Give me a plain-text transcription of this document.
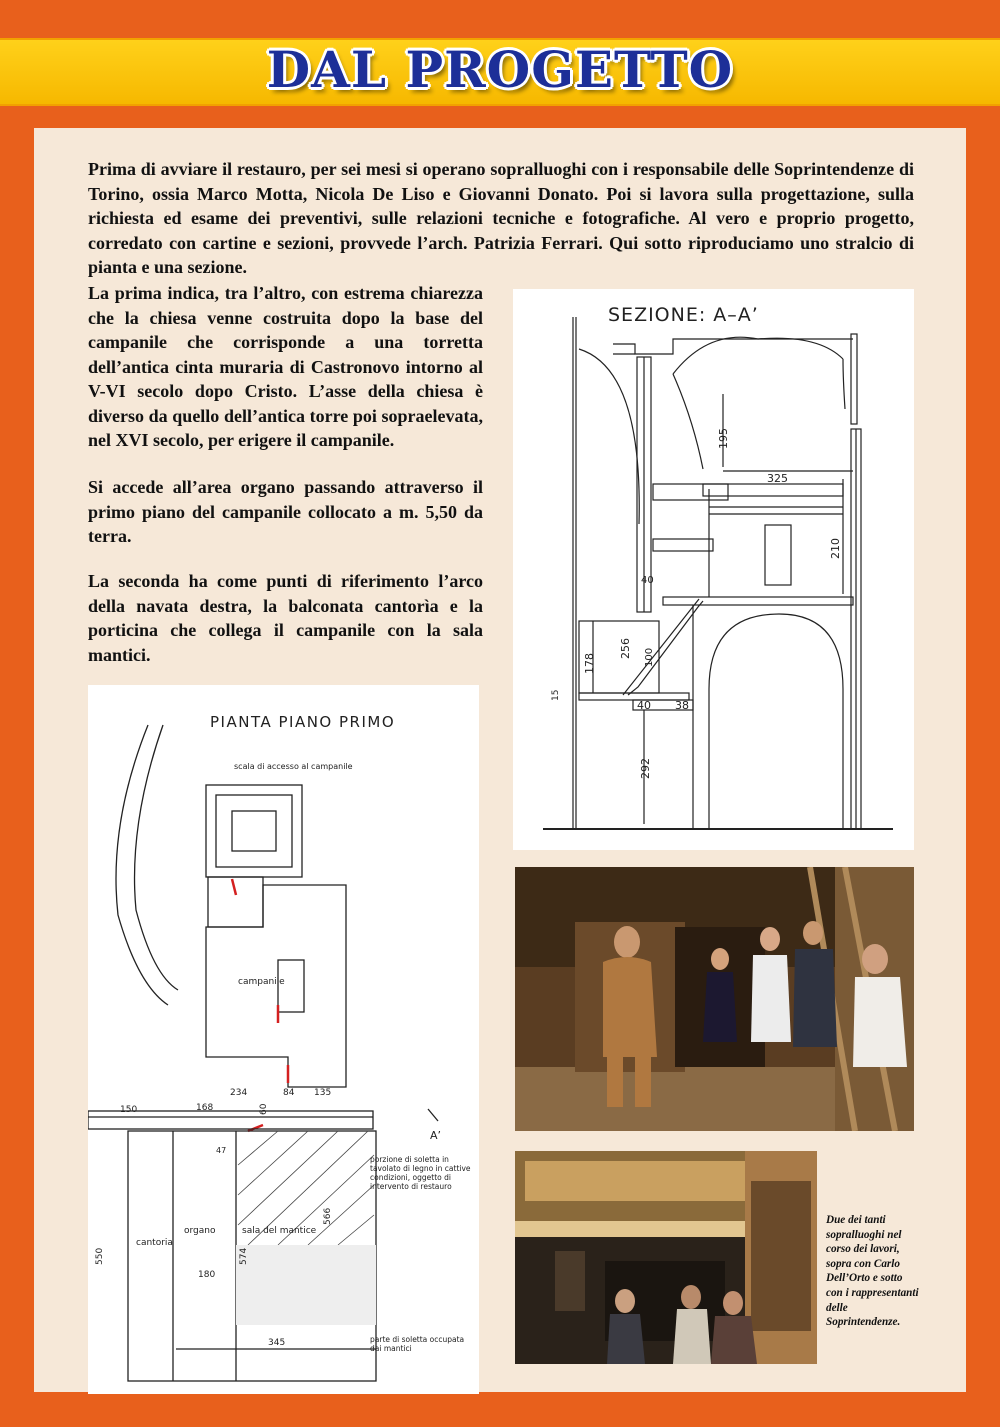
DAL PROGETTO
Prima di avviare il restauro, per sei mesi si operano sopralluoghi con i responsabile delle Soprintendenze di Torino, ossia Marco Motta, Nicola De Liso e Giovanni Donato. Poi si lavora sulla progettazione, sulla richiesta ed esame dei preventivi, sulle relazioni tecniche e fotografiche. Al vero e proprio progetto, corredato con cartine e sezioni, provvede l’arch. Patrizia Ferrari. Qui sotto riproduciamo uno stralcio di pianta e una sezione.
La prima indica, tra l’altro, con estrema chiarezza che la chiesa venne costruita dopo la base del campanile che corrisponde a una torretta dell’antica cinta muraria di Castronovo intorno al V-VI secolo dopo Cristo. L’asse della chiesa è diverso da quello dell’antica torre poi sopraelevata, nel XVI secolo, per erigere il campanile.
Si accede all’area organo passando attraverso il primo piano del campanile collocato a m. 5,50 da terra.
La seconda ha come punti di riferimento l’arco della navata destra, la balconata cantorìa e la porticina che collega il campanile con la sala mantici.
SEZIONE: A–A’
195
325
210
40
256
178	100
15
40 38
292
Due dei tanti sopralluoghi nel corso dei lavori, sopra con Carlo Dell’Orto e sotto con i rappresentanti delle Soprintendenze.
PIANTA PIANO PRIMO
scala di accesso al campanile
campanile
234	84 135
150	168	60
47
cantoria
organo	sala del mantice
180
574
566
550
345
A’
porzione di soletta in tavolato di legno in cattive condizioni, oggetto di intervento di restauro
parte di soletta occupata dai mantici
